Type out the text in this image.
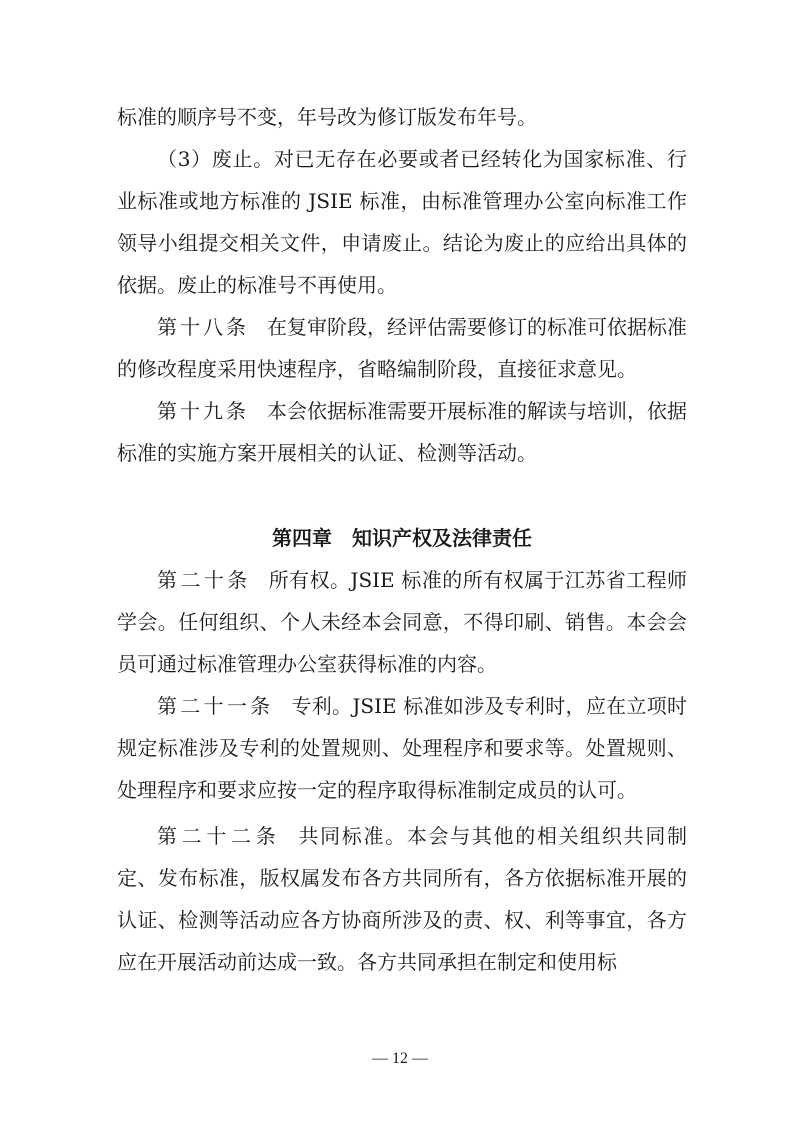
标准的顺序号不变，年号改为修订版发布年号。

（3）废止。对已无存在必要或者已经转化为国家标准、行业标准或地方标准的 JSIE 标准，由标准管理办公室向标准工作领导小组提交相关文件，申请废止。结论为废止的应给出具体的依据。废止的标准号不再使用。

第十八条 在复审阶段，经评估需要修订的标准可依据标准的修改程度采用快速程序，省略编制阶段，直接征求意见。

第十九条 本会依据标准需要开展标准的解读与培训，依据标准的实施方案开展相关的认证、检测等活动。

第四章 知识产权及法律责任

第二十条 所有权。JSIE 标准的所有权属于江苏省工程师学会。任何组织、个人未经本会同意，不得印刷、销售。本会会员可通过标准管理办公室获得标准的内容。

第二十一条 专利。JSIE 标准如涉及专利时，应在立项时规定标准涉及专利的处置规则、处理程序和要求等。处置规则、处理程序和要求应按一定的程序取得标准制定成员的认可。

第二十二条 共同标准。本会与其他的相关组织共同制定、发布标准，版权属发布各方共同所有，各方依据标准开展的认证、检测等活动应各方协商所涉及的责、权、利等事宜，各方应在开展活动前达成一致。各方共同承担在制定和使用标

— 12 —
